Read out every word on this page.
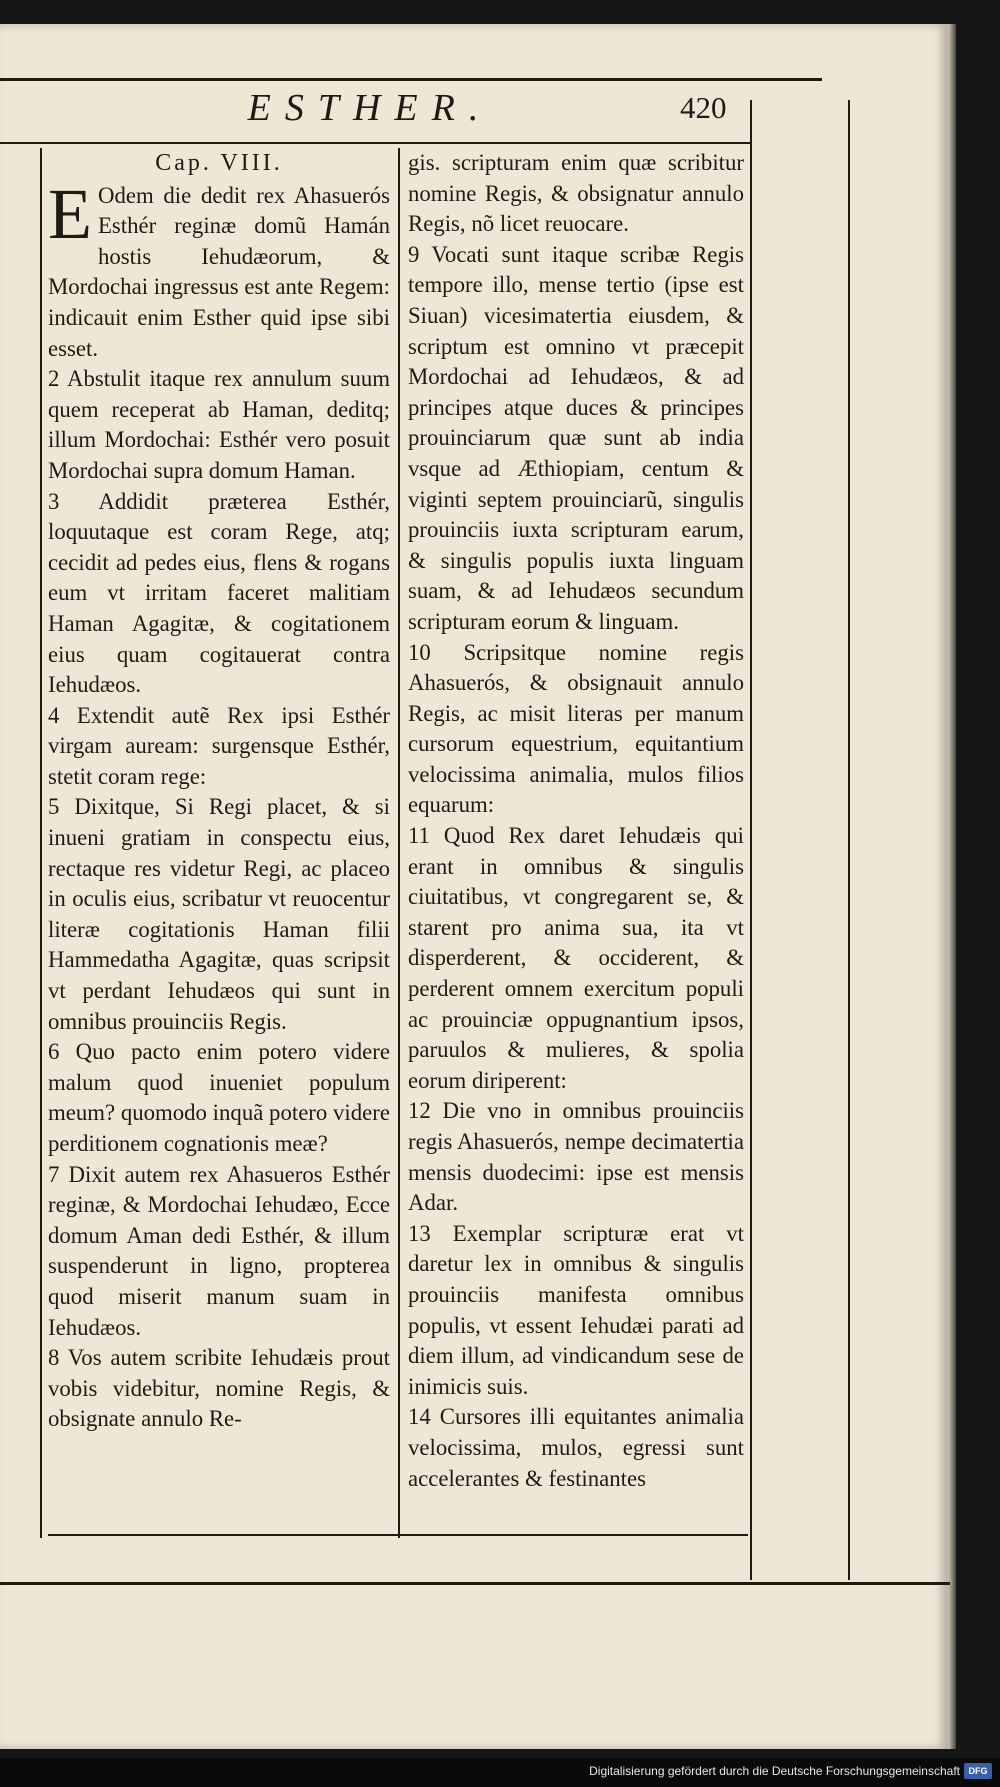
ESTHER.	420

Cap. VIII.

E Odem die dedit rex Ahasuerós Esthér reginæ domũ Hamán hostis Iehudæorum, & Mordochai ingressus est ante Regem: indicauit enim Esther quid ipse sibi esset.

2 Abstulit itaque rex annulum suum quem receperat ab Haman, deditq; illum Mordochai: Esthér vero posuit Mordochai supra domum Haman.

3 Addidit præterea Esthér, loquutaque est coram Rege, atq; cecidit ad pedes eius, flens & rogans eum vt irritam faceret malitiam Haman Agagitæ, & cogitationem eius quam cogitauerat contra Iehudæos.

4 Extendit autẽ Rex ipsi Esthér virgam auream: surgensque Esthér, stetit coram rege:

5 Dixitque, Si Regi placet, & si inueni gratiam in conspectu eius, rectaque res videtur Regi, ac placeo in oculis eius, scribatur vt reuocentur literæ cogitationis Haman filii Hammedatha Agagitæ, quas scripsit vt perdant Iehudæos qui sunt in omnibus prouinciis Regis.

6 Quo pacto enim potero videre malum quod inueniet populum meum? quomodo inquã potero videre perditionem cognationis meæ?

7 Dixit autem rex Ahasueros Esthér reginæ, & Mordochai Iehudæo, Ecce domum Aman dedi Esthér, & illum suspenderunt in ligno, propterea quod miserit manum suam in Iehudæos.

8 Vos autem scribite Iehudæis prout vobis videbitur, nomine Regis, & obsignate annulo Re-

gis. scripturam enim quæ scribitur nomine Regis, & obsignatur annulo Regis, nõ licet reuocare.

9 Vocati sunt itaque scribæ Regis tempore illo, mense tertio (ipse est Siuan) vicesimatertia eiusdem, & scriptum est omnino vt præcepit Mordochai ad Iehudæos, & ad principes atque duces & principes prouinciarum quæ sunt ab india vsque ad Æthiopiam, centum & viginti septem prouinciarũ, singulis prouinciis iuxta scripturam earum, & singulis populis iuxta linguam suam, & ad Iehudæos secundum scripturam eorum & linguam.

10 Scripsitque nomine regis Ahasuerós, & obsignauit annulo Regis, ac misit literas per manum cursorum equestrium, equitantium velocissima animalia, mulos filios equarum:

11 Quod Rex daret Iehudæis qui erant in omnibus & singulis ciuitatibus, vt congregarent se, & starent pro anima sua, ita vt disperderent, & occiderent, & perderent omnem exercitum populi ac prouinciæ oppugnantium ipsos, paruulos & mulieres, & spolia eorum diriperent:

12 Die vno in omnibus prouinciis regis Ahasuerós, nempe decimatertia mensis duodecimi: ipse est mensis Adar.

13 Exemplar scripturæ erat vt daretur lex in omnibus & singulis prouinciis manifesta omnibus populis, vt essent Iehudæi parati ad diem illum, ad vindicandum sese de inimicis suis.

14 Cursores illi equitantes animalia velocissima, mulos, egressi sunt accelerantes & festinantes

Digitalisierung gefördert durch die Deutsche Forschungsgemeinschaft DFG
